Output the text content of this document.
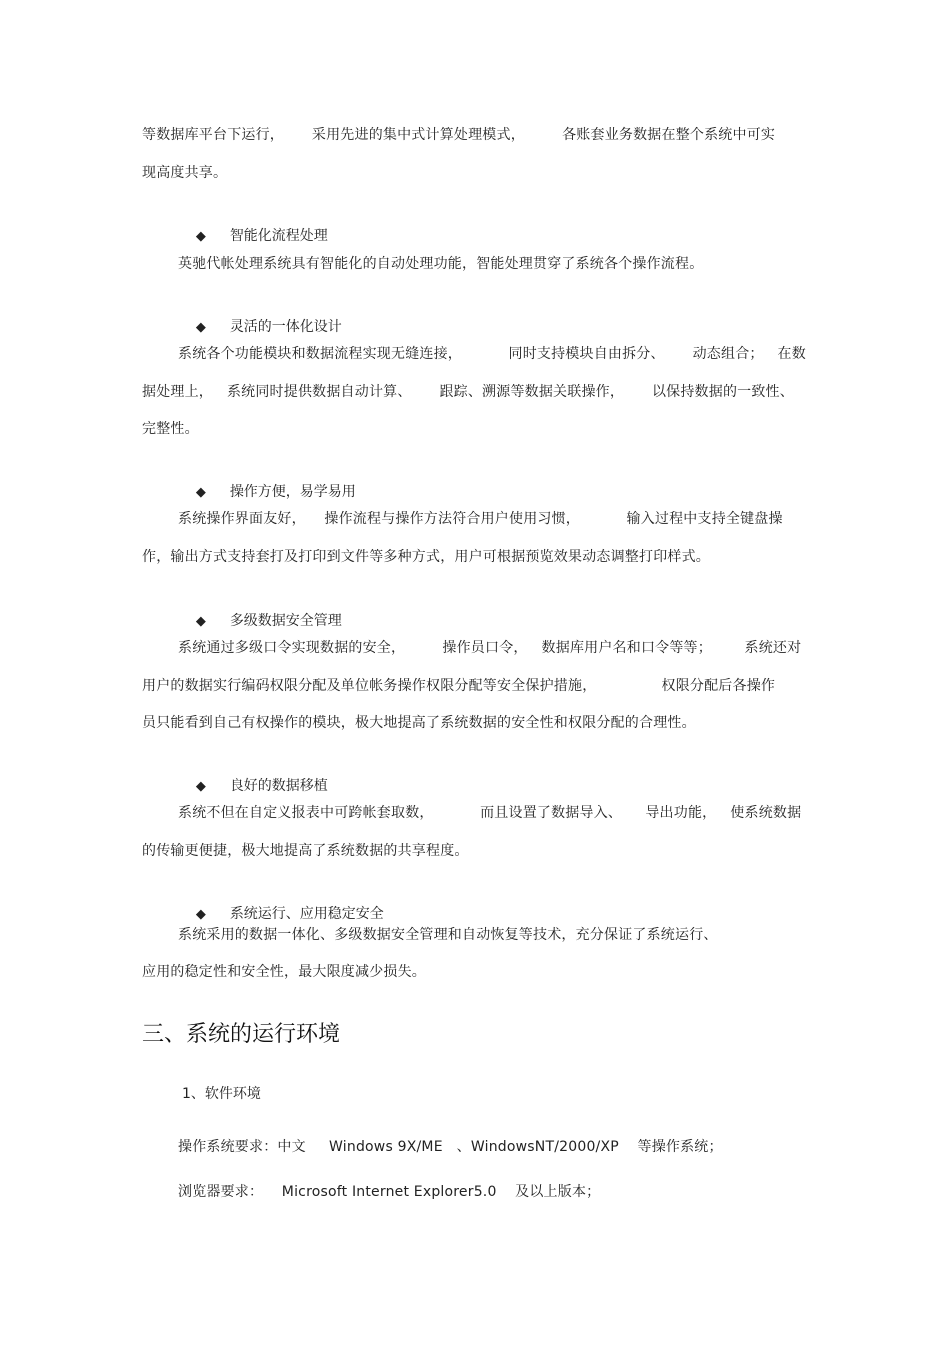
等数据库平台下运行，      采用先进的集中式计算处理模式，        各账套业务数据在整个系统中可实
现高度共享。

◆ 智能化流程处理

英驰代帐处理系统具有智能化的自动处理功能，智能处理贯穿了系统各个操作流程。

◆ 灵活的一体化设计

系统各个功能模块和数据流程实现无缝连接，          同时支持模块自由拆分、      动态组合；   在数
据处理上，   系统同时提供数据自动计算、      跟踪、溯源等数据关联操作，      以保持数据的一致性、
完整性。

◆ 操作方便，易学易用

系统操作界面友好，    操作流程与操作方法符合用户使用习惯，          输入过程中支持全键盘操
作，输出方式支持套打及打印到文件等多种方式，用户可根据预览效果动态调整打印样式。

◆ 多级数据安全管理

系统通过多级口令实现数据的安全，        操作员口令，   数据库用户名和口令等等；       系统还对
用户的数据实行编码权限分配及单位帐务操作权限分配等安全保护措施，              权限分配后各操作
员只能看到自己有权操作的模块，极大地提高了系统数据的安全性和权限分配的合理性。

◆ 良好的数据移植

系统不但在自定义报表中可跨帐套取数，          而且设置了数据导入、     导出功能，   使系统数据
的传输更便捷，极大地提高了系统数据的共享程度。

◆ 系统运行、应用稳定安全

系统采用的数据一体化、多级数据安全管理和自动恢复等技术，充分保证了系统运行、
应用的稳定性和安全性，最大限度减少损失。
三、系统的运行环境
1、软件环境
操作系统要求：中文     Windows 9X/ME   、WindowsNT/2000/XP    等操作系统；
浏览器要求：    Microsoft Internet Explorer5.0    及以上版本；
